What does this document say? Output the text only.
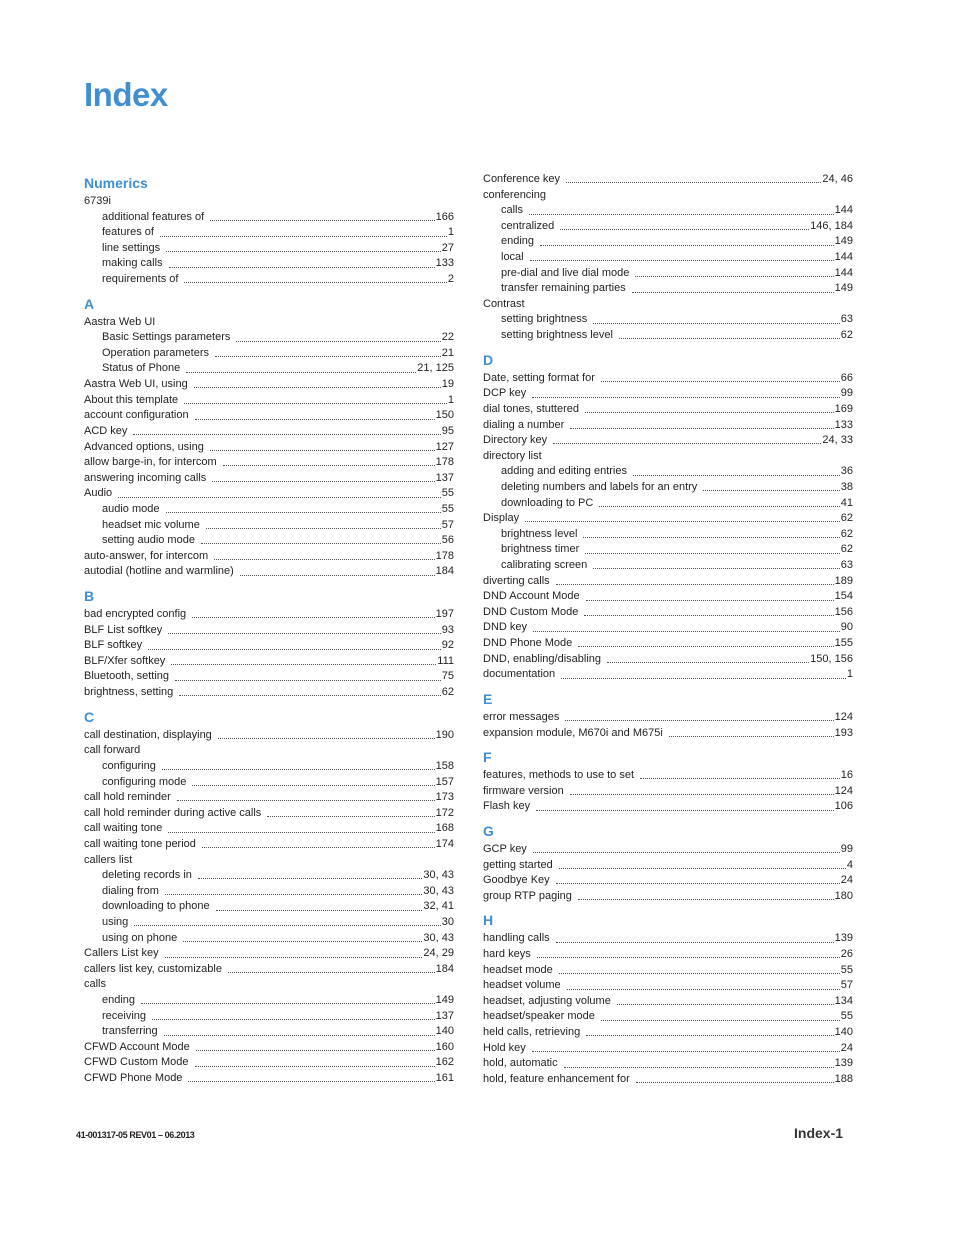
Index
Numerics
6739i
additional features of	166
features of	1
line settings	27
making calls	133
requirements of	2
A
Aastra Web UI
Basic Settings parameters	22
Operation parameters	21
Status of Phone	21, 125
Aastra Web UI, using	19
About this template	1
account configuration	150
ACD key	95
Advanced options, using	127
allow barge-in, for intercom	178
answering incoming calls	137
Audio	55
audio mode	55
headset mic volume	57
setting audio mode	56
auto-answer, for intercom	178
autodial (hotline and warmline)	184
B
bad encrypted config	197
BLF List softkey	93
BLF softkey	92
BLF/Xfer softkey	111
Bluetooth, setting	75
brightness, setting	62
C
call destination, displaying	190
call forward
configuring	158
configuring mode	157
call hold reminder	173
call hold reminder during active calls	172
call waiting tone	168
call waiting tone period	174
callers list
deleting records in	30, 43
dialing from	30, 43
downloading to phone	32, 41
using	30
using on phone	30, 43
Callers List key	24, 29
callers list key, customizable	184
calls
ending	149
receiving	137
transferring	140
CFWD Account Mode	160
CFWD Custom Mode	162
CFWD Phone Mode	161
Conference key	24, 46
conferencing
calls	144
centralized	146, 184
ending	149
local	144
pre-dial and live dial mode	144
transfer remaining parties	149
Contrast
setting brightness	63
setting brightness level	62
D
Date, setting format for	66
DCP key	99
dial tones, stuttered	169
dialing a number	133
Directory key	24, 33
directory list
adding and editing entries	36
deleting numbers and labels for an entry	38
downloading to PC	41
Display	62
brightness level	62
brightness timer	62
calibrating screen	63
diverting calls	189
DND Account Mode	154
DND Custom Mode	156
DND key	90
DND Phone Mode	155
DND, enabling/disabling	150, 156
documentation	1
E
error messages	124
expansion module, M670i and M675i	193
F
features, methods to use to set	16
firmware version	124
Flash key	106
G
GCP key	99
getting started	4
Goodbye Key	24
group RTP paging	180
H
handling calls	139
hard keys	26
headset mode	55
headset volume	57
headset, adjusting volume	134
headset/speaker mode	55
held calls, retrieving	140
Hold key	24
hold, automatic	139
hold, feature enhancement for	188
41-001317-05 REV01 – 06.2013	Index-1
